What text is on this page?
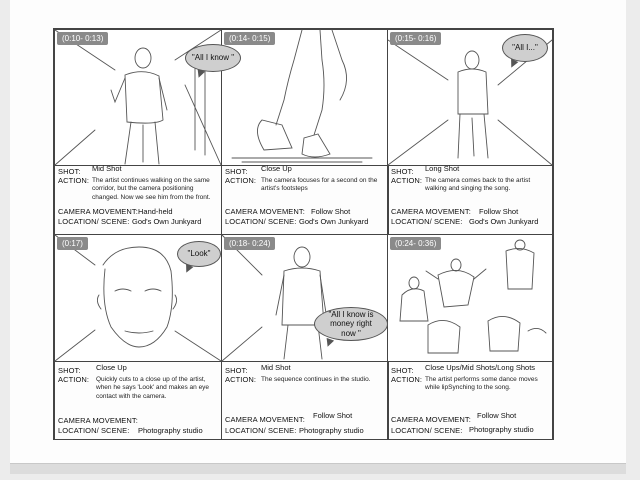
(0:10- 0:13)
"All I know "
SHOT: Mid Shot
ACTION: The artist continues walking on the same corridor, but the camera positioning changed. Now we see him from the front.
CAMERA MOVEMENT: Hand-held
LOCATION/ SCENE: God's Own Junkyard
(0:14- 0:15)
SHOT: Close Up
ACTION: The camera focuses for a second on the artist's footsteps
CAMERA MOVEMENT: Follow Shot
LOCATION/ SCENE: God's Own Junkyard
(0:15- 0:16)
"All I..."
SHOT: Long Shot
ACTION: The camera comes back to the artist walking and singing the song.
CAMERA MOVEMENT: Follow Shot
LOCATION/ SCENE: God's Own Junkyard
(0:17)
"Look"
SHOT: Close Up
ACTION:	Quickly cuts to a close up of the artist, when he says 'Look' and makes an eye contact with the camera.
CAMERA MOVEMENT:
LOCATION/ SCENE: Photography studio
(0:18- 0:24)
"All I know is money right now "
SHOT: Mid Shot
ACTION: The sequence continues in the studio.
CAMERA MOVEMENT: Follow Shot
LOCATION/ SCENE: Photography studio
(0:24- 0:36)
SHOT: Close Ups/Mid Shots/Long Shots
ACTION: The artist performs some dance moves while lipSynching to the song.
CAMERA MOVEMENT: Follow Shot
LOCATION/ SCENE: Photography studio
